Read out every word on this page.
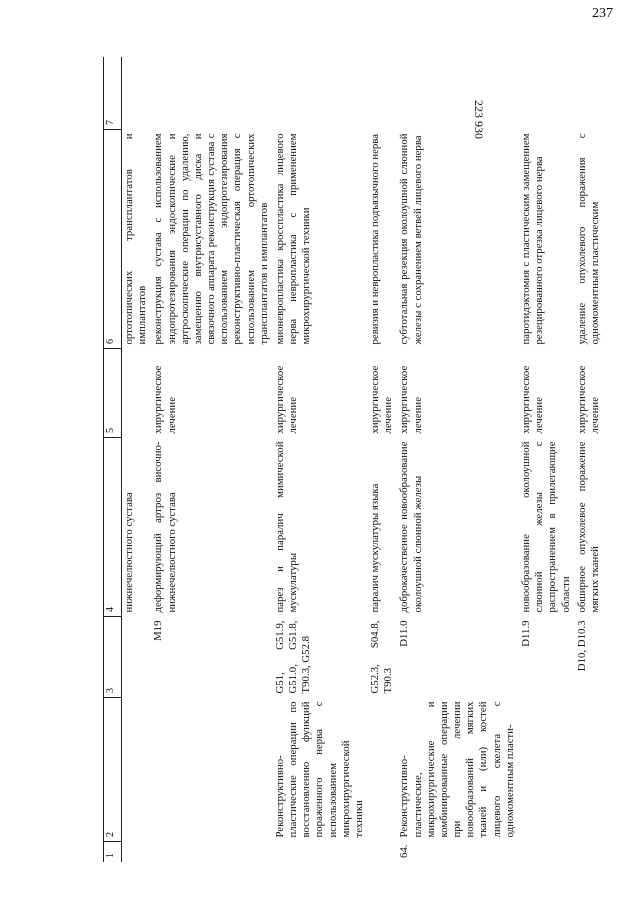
237
223 930
1	2	3	4	5	6	7
			нижнечелюстного сустава		ортотопических трансплантатов и имплантатов	
		M19	деформирующий артроз височно-нижнечелюстного сустава	хирургическое лечение	реконструкция сустава с использованием эндопротезирования эндоскопические и артроскопические операции по удалению, замещению внутрисуставного диска и связочного аппарата реконструкция сустава с использованием эндопротезирования реконструктивно-пластическая операция с использованием ортотопических трансплантатов и имплантатов	
	Реконструктивно-пластические операции по восстановлению функций пораженного нерва с использованием микрохирургической техники	G51, G51.9, G51.0, G51.8, T90.3, G52.8	парез и паралич мимической мускулатуры	хирургическое лечение	мионевропластика кросспластика лицевого нерва невропластика с применением микрохирургической техники	
		G52.3, S04.8, T90.3	паралич мускулатуры языка	хирургическое лечение	ревизия и невропластика подъязычного нерва	
64.	Реконструктивно-пластические, микрохирургические и комбинированные операции при лечении новообразований мягких тканей и (или) костей лицевого скелета с одномоментным пласти-	D11.0	доброкачественное новообразование околоушной слюнной железы	хирургическое лечение	субтотальная резекция околоушной слюнной железы с сохранением ветвей лицевого нерва	
		D11.9	новообразование околоушной слюнной железы с распространением в прилегающие области	хирургическое лечение	паротидэктомия с пластическим замещением резецированного отрезка лицевого нерва	
		D10, D10.3	обширное опухолевое поражение мягких тканей	хирургическое лечение	удаление опухолевого поражения с одномоментным пластическим	
